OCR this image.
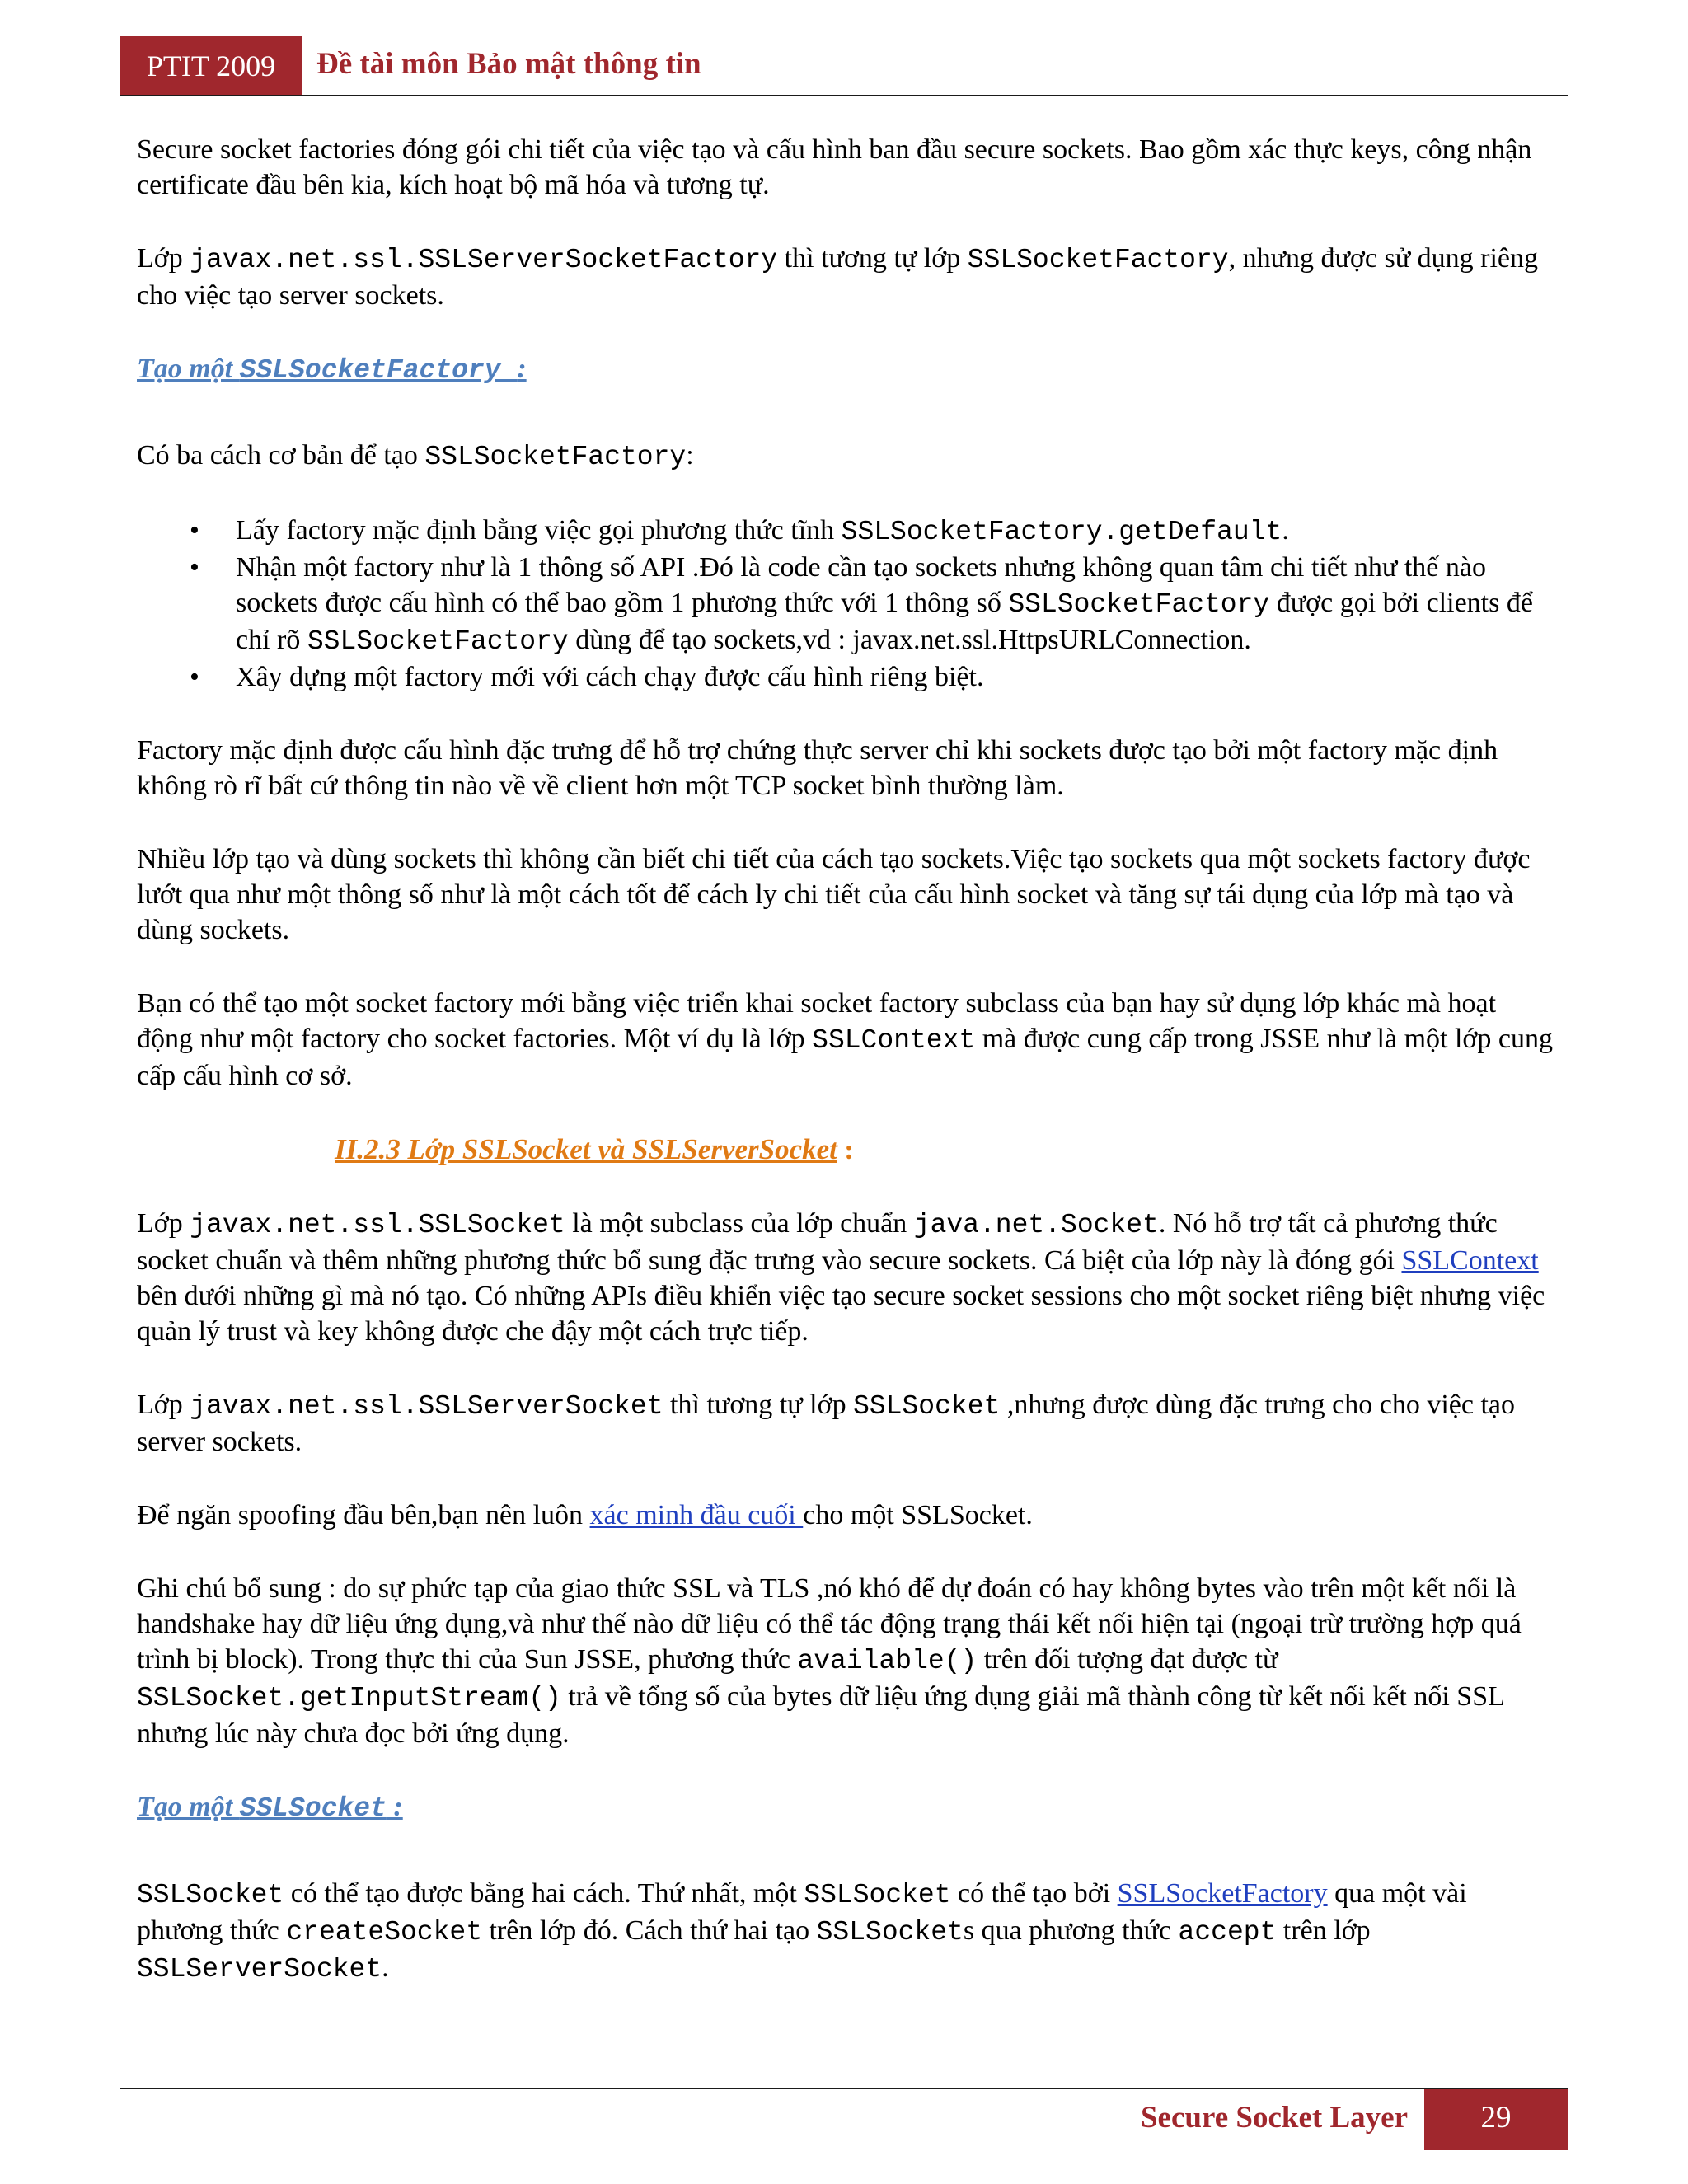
PTIT 2009	Đề tài môn Bảo mật thông tin

Secure socket factories đóng gói chi tiết của việc tạo và cấu hình ban đầu secure sockets. Bao gồm xác thực keys, công nhận certificate đầu bên kia, kích hoạt bộ mã hóa và tương tự.

Lớp javax.net.ssl.SSLServerSocketFactory thì tương tự lớp SSLSocketFactory, nhưng được sử dụng riêng cho việc tạo server sockets.

Tạo một SSLSocketFactory :

Có ba cách cơ bản để tạo SSLSocketFactory:

• Lấy factory mặc định bằng việc gọi phương thức tĩnh SSLSocketFactory.getDefault.
• Nhận một factory như là 1 thông số API .Đó là code cần tạo sockets nhưng không quan tâm chi tiết như thế nào sockets được cấu hình có thể bao gồm 1 phương thức với 1 thông số SSLSocketFactory được gọi bởi clients để chỉ rõ SSLSocketFactory dùng để tạo sockets,vd : javax.net.ssl.HttpsURLConnection.
• Xây dựng một factory mới với cách chạy được cấu hình riêng biệt.

Factory mặc định được cấu hình đặc trưng để hỗ trợ chứng thực server chỉ khi sockets được tạo bởi một factory mặc định không rò rĩ bất cứ thông tin nào về về client hơn một TCP socket bình thường làm.

Nhiều lớp tạo và dùng sockets thì không cần biết chi tiết của cách tạo sockets.Việc tạo sockets qua một sockets factory được lướt qua như một thông số như là một cách tốt để cách ly chi tiết của cấu hình socket và tăng sự tái dụng của lớp mà tạo và dùng sockets.

Bạn có thể tạo một socket factory mới bằng việc triển khai socket factory subclass của bạn hay sử dụng lớp khác mà hoạt động như một factory cho socket factories. Một ví dụ là lớp SSLContext mà được cung cấp trong JSSE như là một lớp cung cấp cấu hình cơ sở.

II.2.3 Lớp SSLSocket và SSLServerSocket :

Lớp javax.net.ssl.SSLSocket là một subclass của lớp chuẩn java.net.Socket. Nó hỗ trợ tất cả phương thức socket chuẩn và thêm những phương thức bổ sung đặc trưng vào secure sockets. Cá biệt của lớp này là đóng gói SSLContext bên dưới những gì mà nó tạo. Có những APIs điều khiển việc tạo secure socket sessions cho một socket riêng biệt nhưng việc quản lý trust và key không được che đậy một cách trực tiếp.

Lớp javax.net.ssl.SSLServerSocket thì tương tự lớp SSLSocket ,nhưng được dùng đặc trưng cho cho việc tạo server sockets.

Để ngăn spoofing đầu bên,bạn nên luôn xác minh đầu cuối cho một SSLSocket.

Ghi chú bổ sung : do sự phức tạp của giao thức SSL và TLS ,nó khó để dự đoán có hay không bytes vào trên một kết nối là handshake hay dữ liệu ứng dụng,và như thế nào dữ liệu có thể tác động trạng thái kết nối hiện tại (ngoại trừ trường hợp quá trình bị block). Trong thực thi của Sun JSSE, phương thức available() trên đối tượng đạt được từ SSLSocket.getInputStream() trả về tổng số của bytes dữ liệu ứng dụng giải mã thành công từ kết nối kết nối SSL nhưng lúc này chưa đọc bởi ứng dụng.

Tạo một SSLSocket :

SSLSocket có thể tạo được bằng hai cách. Thứ nhất, một SSLSocket có thể tạo bởi SSLSocketFactory qua một vài phương thức createSocket trên lớp đó. Cách thứ hai tạo SSLSockets qua phương thức accept trên lớp SSLServerSocket.

Secure Socket Layer	29
